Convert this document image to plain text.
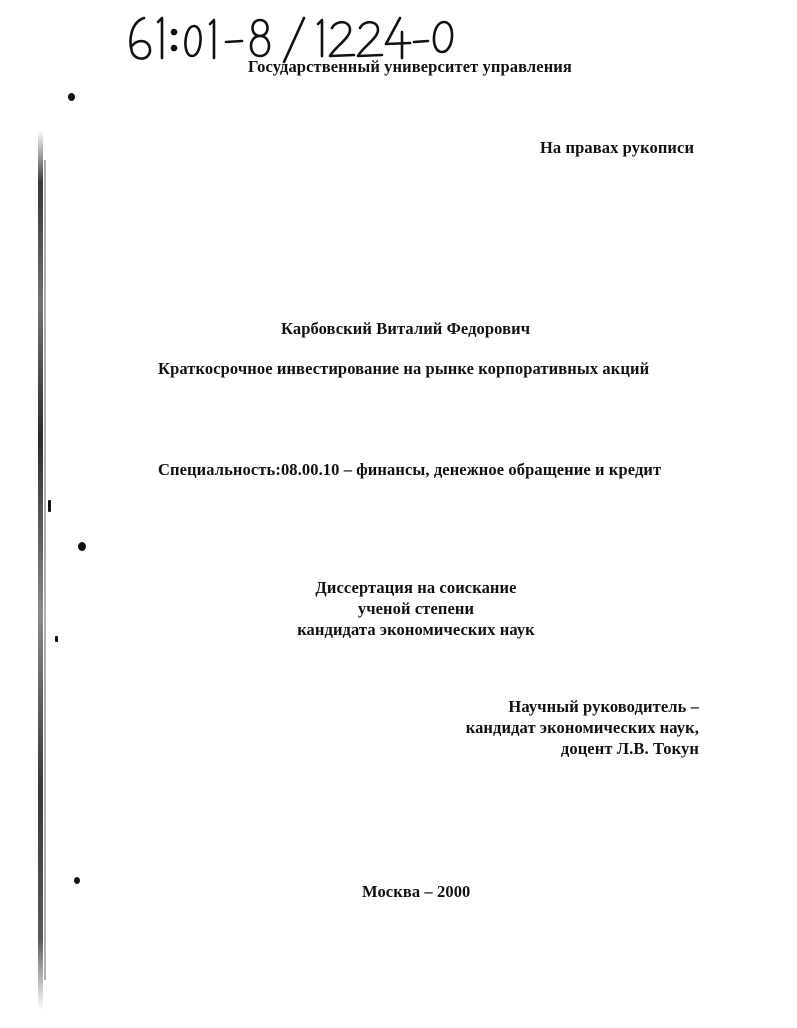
Государственный университет управления
На правах рукописи
Карбовский Виталий Федорович
Краткосрочное инвестирование на рынке корпоративных акций
Специальность:08.00.10 – финансы, денежное обращение и кредит
Диссертация на соискание
ученой степени
кандидата экономических наук
Научный руководитель –
кандидат экономических наук,
доцент Л.В. Токун
Москва – 2000
